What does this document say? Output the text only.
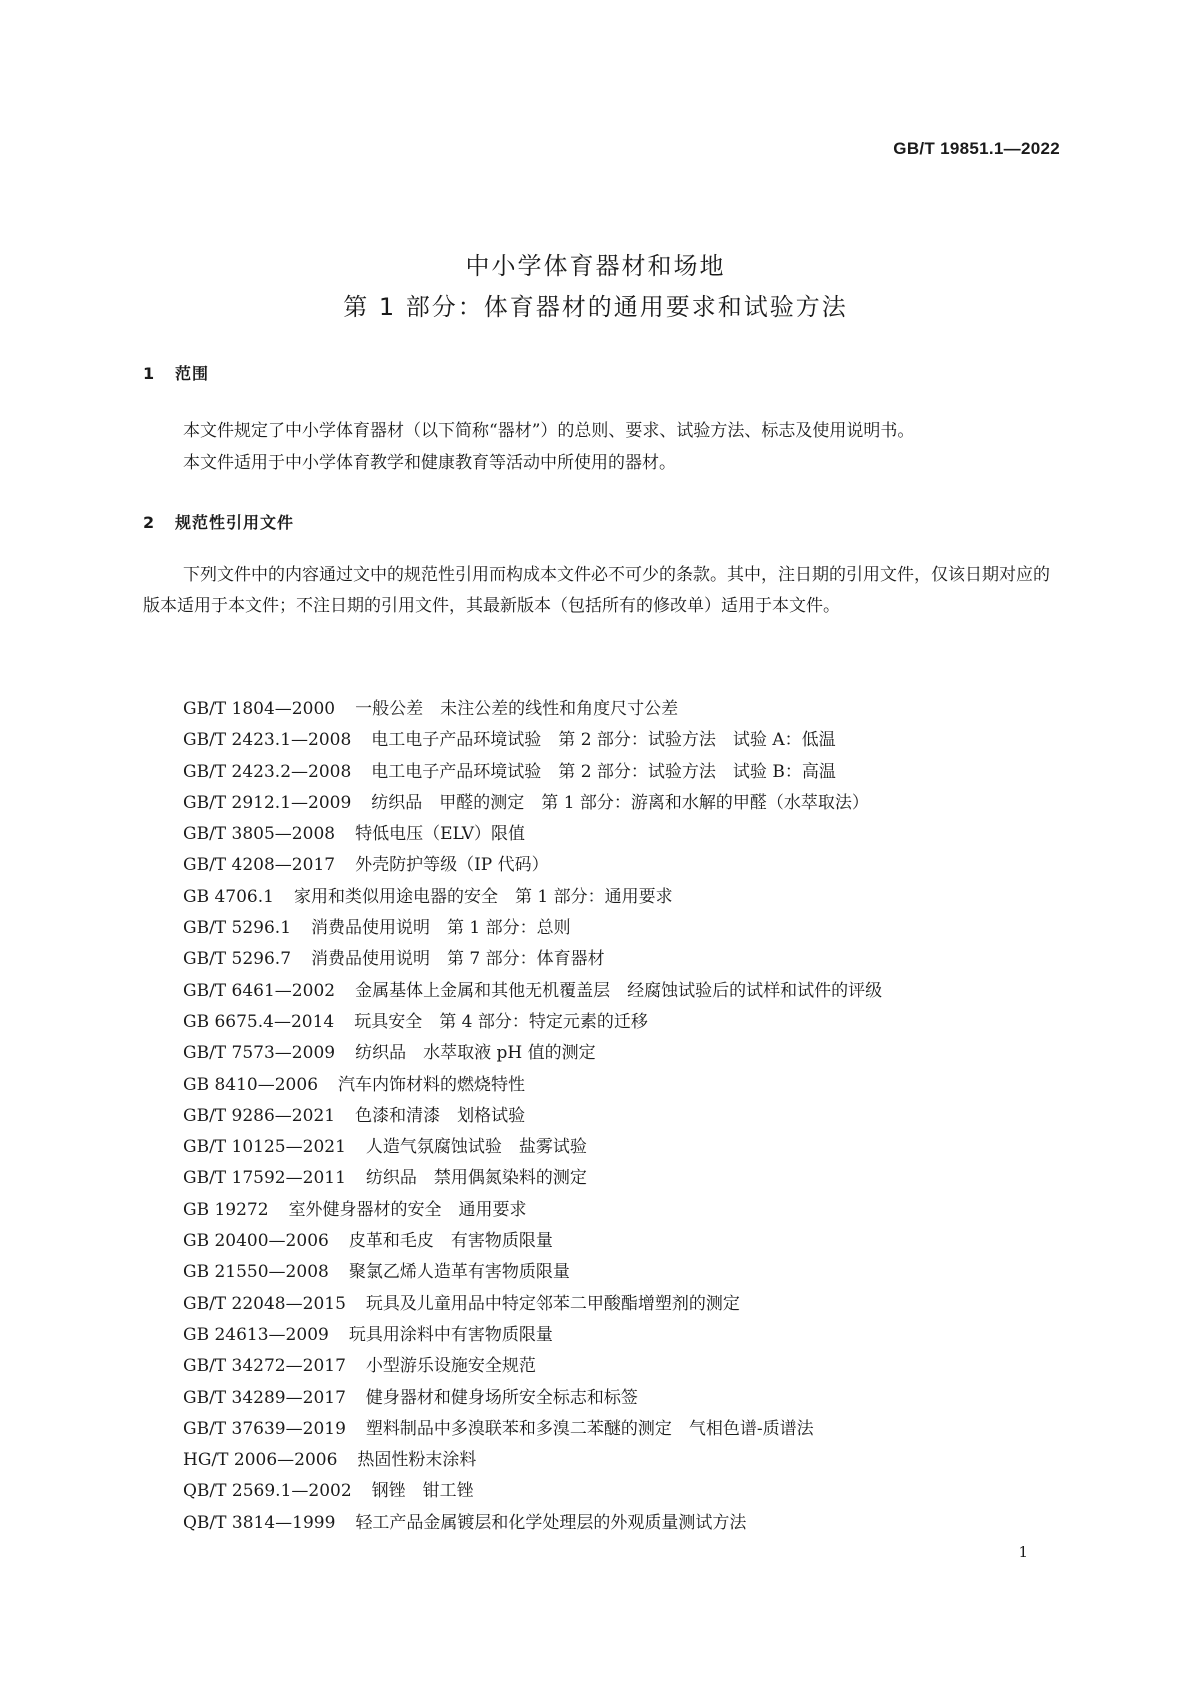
GB/T 19851.1—2022
中小学体育器材和场地
第 1 部分：体育器材的通用要求和试验方法
1 范围
本文件规定了中小学体育器材（以下简称“器材”）的总则、要求、试验方法、标志及使用说明书。
本文件适用于中小学体育教学和健康教育等活动中所使用的器材。
2 规范性引用文件
下列文件中的内容通过文中的规范性引用而构成本文件必不可少的条款。其中，注日期的引用文件，仅该日期对应的版本适用于本文件；不注日期的引用文件，其最新版本（包括所有的修改单）适用于本文件。
GB/T 1804—2000 一般公差　未注公差的线性和角度尺寸公差
GB/T 2423.1—2008 电工电子产品环境试验　第 2 部分：试验方法　试验 A：低温
GB/T 2423.2—2008 电工电子产品环境试验　第 2 部分：试验方法　试验 B：高温
GB/T 2912.1—2009 纺织品　甲醛的测定　第 1 部分：游离和水解的甲醛（水萃取法）
GB/T 3805—2008 特低电压（ELV）限值
GB/T 4208—2017 外壳防护等级（IP 代码）
GB 4706.1 家用和类似用途电器的安全　第 1 部分：通用要求
GB/T 5296.1 消费品使用说明　第 1 部分：总则
GB/T 5296.7 消费品使用说明　第 7 部分：体育器材
GB/T 6461—2002 金属基体上金属和其他无机覆盖层　经腐蚀试验后的试样和试件的评级
GB 6675.4—2014 玩具安全　第 4 部分：特定元素的迁移
GB/T 7573—2009 纺织品　水萃取液 pH 值的测定
GB 8410—2006 汽车内饰材料的燃烧特性
GB/T 9286—2021 色漆和清漆　划格试验
GB/T 10125—2021 人造气氛腐蚀试验　盐雾试验
GB/T 17592—2011 纺织品　禁用偶氮染料的测定
GB 19272 室外健身器材的安全　通用要求
GB 20400—2006 皮革和毛皮　有害物质限量
GB 21550—2008 聚氯乙烯人造革有害物质限量
GB/T 22048—2015 玩具及儿童用品中特定邻苯二甲酸酯增塑剂的测定
GB 24613—2009 玩具用涂料中有害物质限量
GB/T 34272—2017 小型游乐设施安全规范
GB/T 34289—2017 健身器材和健身场所安全标志和标签
GB/T 37639—2019 塑料制品中多溴联苯和多溴二苯醚的测定　气相色谱-质谱法
HG/T 2006—2006 热固性粉末涂料
QB/T 2569.1—2002 钢锉　钳工锉
QB/T 3814—1999 轻工产品金属镀层和化学处理层的外观质量测试方法
1
